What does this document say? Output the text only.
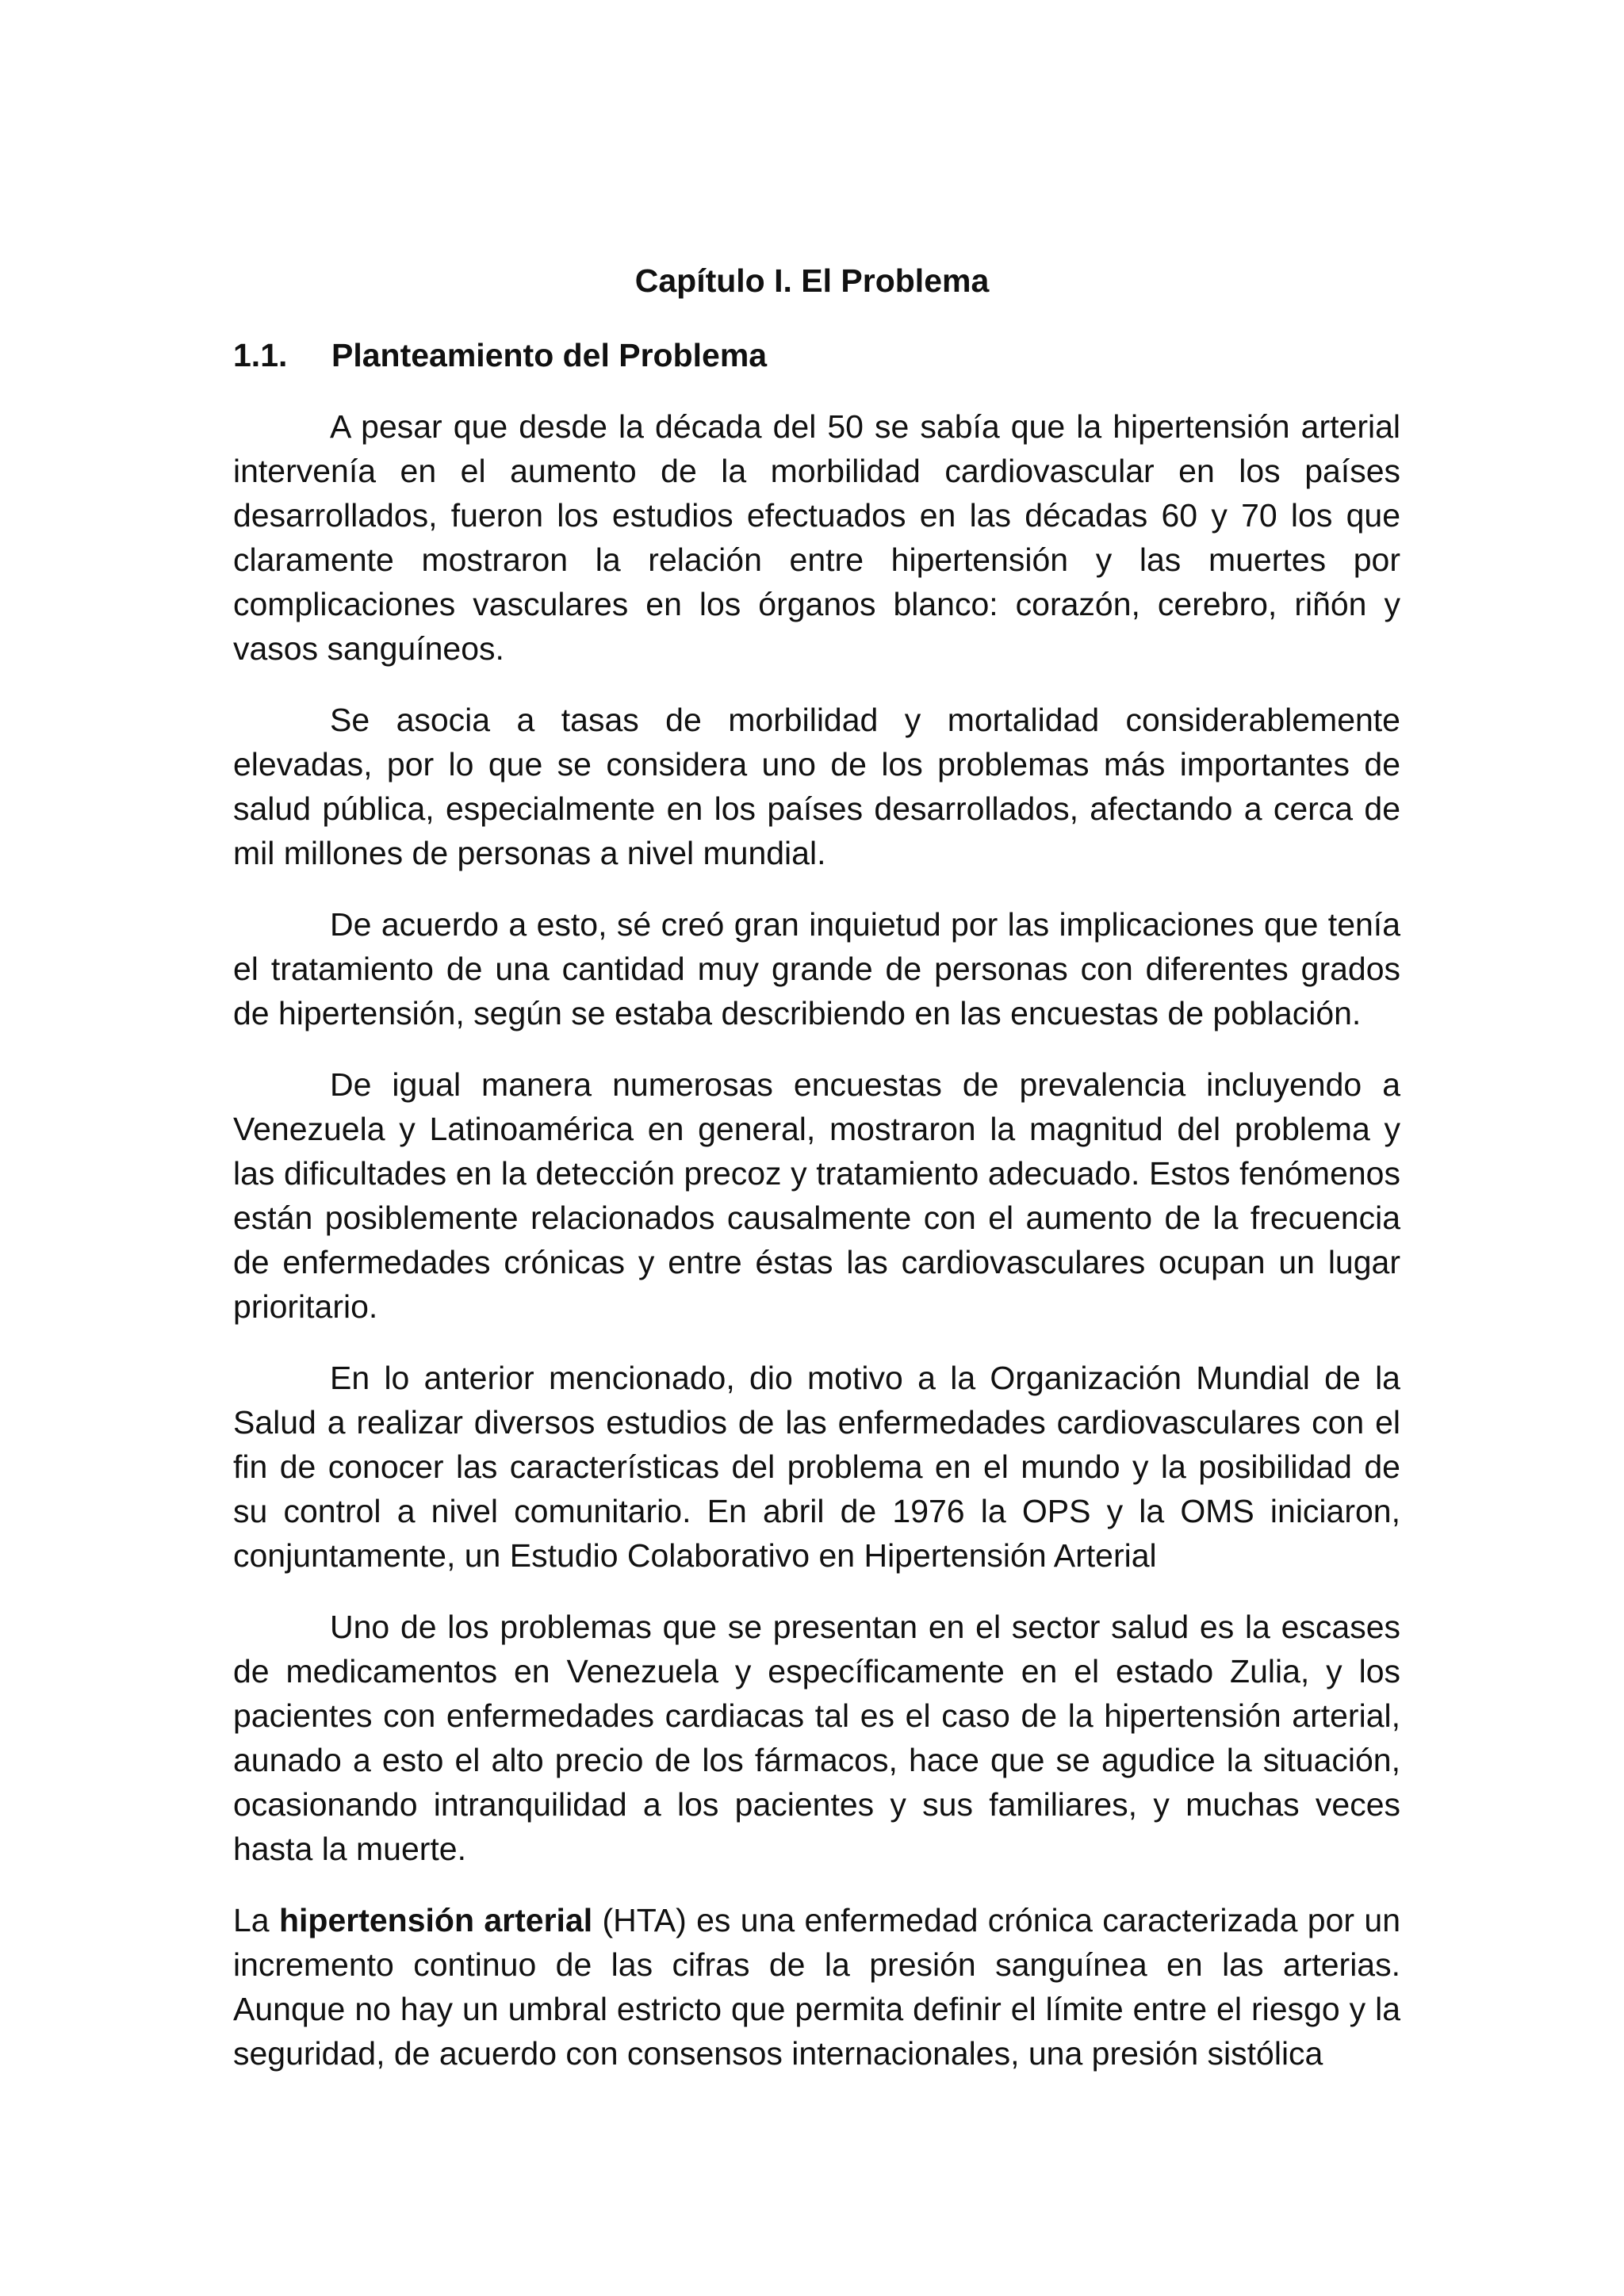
Capítulo I. El Problema
1.1.	Planteamiento del Problema

A pesar que desde la década del 50 se sabía que la hipertensión arterial intervenía en el aumento de la morbilidad cardiovascular en los países desarrollados, fueron los estudios efectuados en las décadas 60 y 70 los que claramente mostraron la relación entre hipertensión y las muertes por complicaciones vasculares en los órganos blanco: corazón, cerebro, riñón y vasos sanguíneos.

Se asocia a tasas de morbilidad y mortalidad considerablemente elevadas, por lo que se considera uno de los problemas más importantes de salud pública, especialmente en los países desarrollados, afectando a cerca de mil millones de personas a nivel mundial.

De acuerdo a esto, sé creó gran inquietud por las implicaciones que tenía el tratamiento de una cantidad muy grande de personas con diferentes grados de hipertensión, según se estaba describiendo en las encuestas de población.

De igual manera numerosas encuestas de prevalencia incluyendo a Venezuela y Latinoamérica en general, mostraron la magnitud del problema y las dificultades en la detección precoz y tratamiento adecuado. Estos fenómenos están posiblemente relacionados causalmente con el aumento de la frecuencia de enfermedades crónicas y entre éstas las cardiovasculares ocupan un lugar prioritario.

En lo anterior mencionado, dio motivo a la Organización Mundial de la Salud a realizar diversos estudios de las enfermedades cardiovasculares con el fin de conocer las características del problema en el mundo y la posibilidad de su control a nivel comunitario. En abril de 1976 la OPS y la OMS iniciaron, conjuntamente, un Estudio Colaborativo en Hipertensión Arterial

Uno de los problemas que se presentan en el sector salud es la escases de medicamentos en Venezuela y específicamente en el estado Zulia, y los pacientes con enfermedades cardiacas tal es el caso de la hipertensión arterial, aunado a esto el alto precio de los fármacos, hace que se agudice la situación, ocasionando intranquilidad a los pacientes y sus familiares, y muchas veces hasta la muerte.

La hipertensión arterial (HTA) es una enfermedad crónica caracterizada por un incremento continuo de las cifras de la presión sanguínea en las arterias. Aunque no hay un umbral estricto que permita definir el límite entre el riesgo y la seguridad, de acuerdo con consensos internacionales, una presión sistólica
